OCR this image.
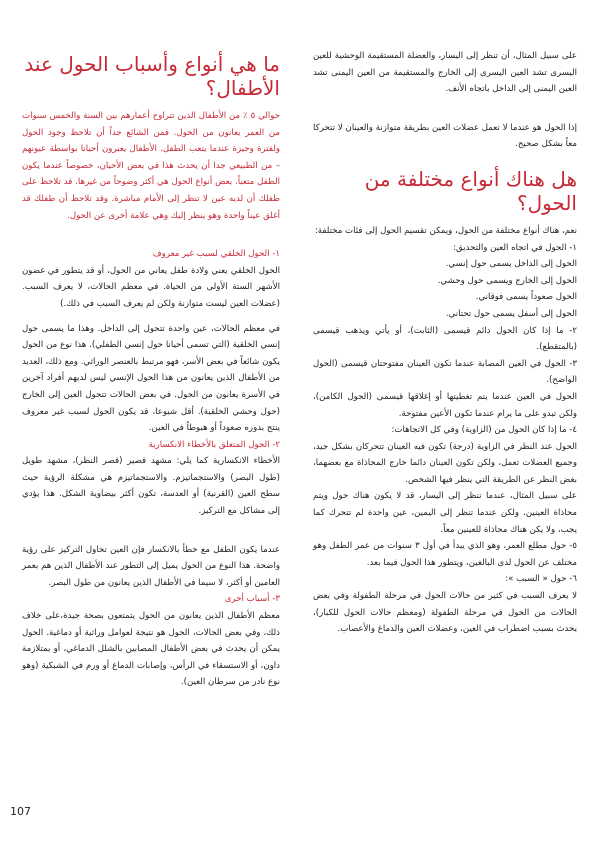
على سبيل المثال، أن تنظر إلى اليسار، والعضلة المستقيمة الوحشية للعين اليسرى تشد العين اليسرى إلى الخارج والمستقيمة من العين اليمنى تشد العين اليمنى إلى الداخل باتجاه الأنف.

إذا الحول هو عندما لا تعمل عضلات العين بطريقة متوازنة والعينان لا تتحركا معاً بشكل صحيح.

هل هناك أنواع مختلفة من الحول؟

نعم، هناك أنواع مختلفة من الحول، ويمكن تقسيم الحول إلى فئات مختلفة:

١- الحول في اتجاه العين والتحديق:

الحول إلى الداخل يسمى حول إنسي.

الحول إلى الخارج ويسمى حول وحشي.

الحول صعوداً يسمى فوقاني.

الحول إلى أسفل يسمى حول تحتاني.

٢- ما إذا كان الحول دائم قيسمى (الثابت)، أو يأتي ويذهب قيسمى (بالمتقطع).

٣- الحول في العين المصابة عندما تكون العينان مفتوحتان قيسمى (الحول الواضح).

الحول في العين عندما يتم تغطيتها أو إغلاقها قيسمى (الحول الكامن)، ولكن تبدو على ما يرام عندما تكون الأعين مفتوحة.

٤- ما إذا كان الحول من (الزاوية) وفي كل الاتجاهات:

الحول عند النظر في الزاوية (درجة) تكون فيه العينان تتحركان بشكل جيد، وجميع العضلات تعمل، ولكن تكون العينان دائما خارج المحاذاة مع بعضهما، بغض النظر عن الطريقة التي ينظر فيها الشخص.

على سبيل المثال، عندما تنظر إلى اليسار، قد لا يكون هناك حول ويتم محاذاة العينين. ولكن عندما تنظر إلى اليمين، عين واحدة لم تتحرك كما يجب، ولا يكن هناك محاذاة للعينين معاً.

٥- حول مطلع العمر، وهو الذي يبدأ في أول ٣ سنوات من عمر الطفل وهو مختلف عن الحول لدى البالغين، ويتطور هذا الحول فيما بعد.

٦- حول « السبب »:

لا يعرف السبب في كثير من حالات الحول في مرحلة الطفولة وفي بعض الحالات من الحول في مرحلة الطفولة (ومعظم حالات الحول للكبار)، يحدث بسبب اضطراب في العين، وعضلات العين والدماغ والأعصاب.

ما هي أنواع وأسباب الحول عند الأطفال؟

حوالي ٥ ٪ من الأطفال الذين تتراوح أعمارهم بين السنة والخمس سنوات من العمر يعانون من الحول. فمن الشائع جداً أن تلاحظ وجود الحول ولفترة وجيزة عندما يتعب الطفل. الأطفال يعبرون أحيانا بواسطة عيونهم – من الطبيعي جدا أن يحدث هذا في بعض الأحيان، خصوصاً عندما يكون الطفل متعباً. بعض أنواع الحول هي أكثر وضوحاً من غيرها. قد تلاحظ على طفلك أن لديه عين لا تنظر إلى الأمام مباشرة. وقد تلاحظ أن طفلك قد أغلق عيناً واحدة وهو ينظر إليك وهي علامة أخرى عن الحول.

١- الحول الخلقي لسبب غير معروف

الحول الخلقي يعني ولادة طفل يعاني من الحول، أو قد يتطور في غضون الأشهر الستة الأولى من الحياة. في معظم الحالات، لا يعرف السبب. (عضلات العين ليست متوازنة ولكن لم يعرف السبب في ذلك.)

في معظم الحالات، عين واحدة تتحول إلى الداخل. وهذا ما يسمى حول إنسي الخلقية (التي تسمى أحيانا حول إنسي الطفلي). هذا نوع من الحول يكون شائعاً في بعض الأسر، فهو مرتبط بالعنصر الوراثي. ومع ذلك، العديد من الأطفال الذين يعانون من هذا الحول الإنسي ليس لديهم أفراد آخرين في الأسرة يعانون من الحول. في بعض الحالات تتحول العين إلى الخارج (حول وحشي الخلقية). أقل شيوعا، قد يكون الحول لسبب غير معروف ينتج بدوره صعوداً أو هبوطاً في العين.

٢- الحول المتعلق بالأخطاء الانكسارية

الأخطاء الانكسارية كما يلي: مشهد قصير (قصر النظر)، مشهد طويل (طول البصر) والاستجماتيزم. والاستجماتيزم هي مشكلة الرؤية حيث سطح العين (القرنية) أو العدسة، تكون أكثر بيضاوية الشكل. هذا يؤدي إلى مشاكل مع التركيز.

عندما يكون الطفل مع خطأ بالانكسار فإن العين تحاول التركيز على رؤية واضحة. هذا النوع من الحول يميل إلى التطور عند الأطفال الذين هم بعمر العامين أو أكثر، لا سيما في الأطفال الذين يعانون من طول البصر.

٣- أسباب أخرى

معظم الأطفال الذين يعانون من الحول يتمتعون بصحة جيدة،على خلاف ذلك، وفي بعض الحالات، الحول هو نتيجة لعوامل وراثية أو دماغية. الحول يمكن أن يحدث في بعض الأطفال المصابين بالشلل الدماغي، أو بمتلازمة داون، أو الاستسقاء في الرأس، وإصابات الدماغ أو ورم في الشبكية (وهو نوع نادر من سرطان العين).

107
